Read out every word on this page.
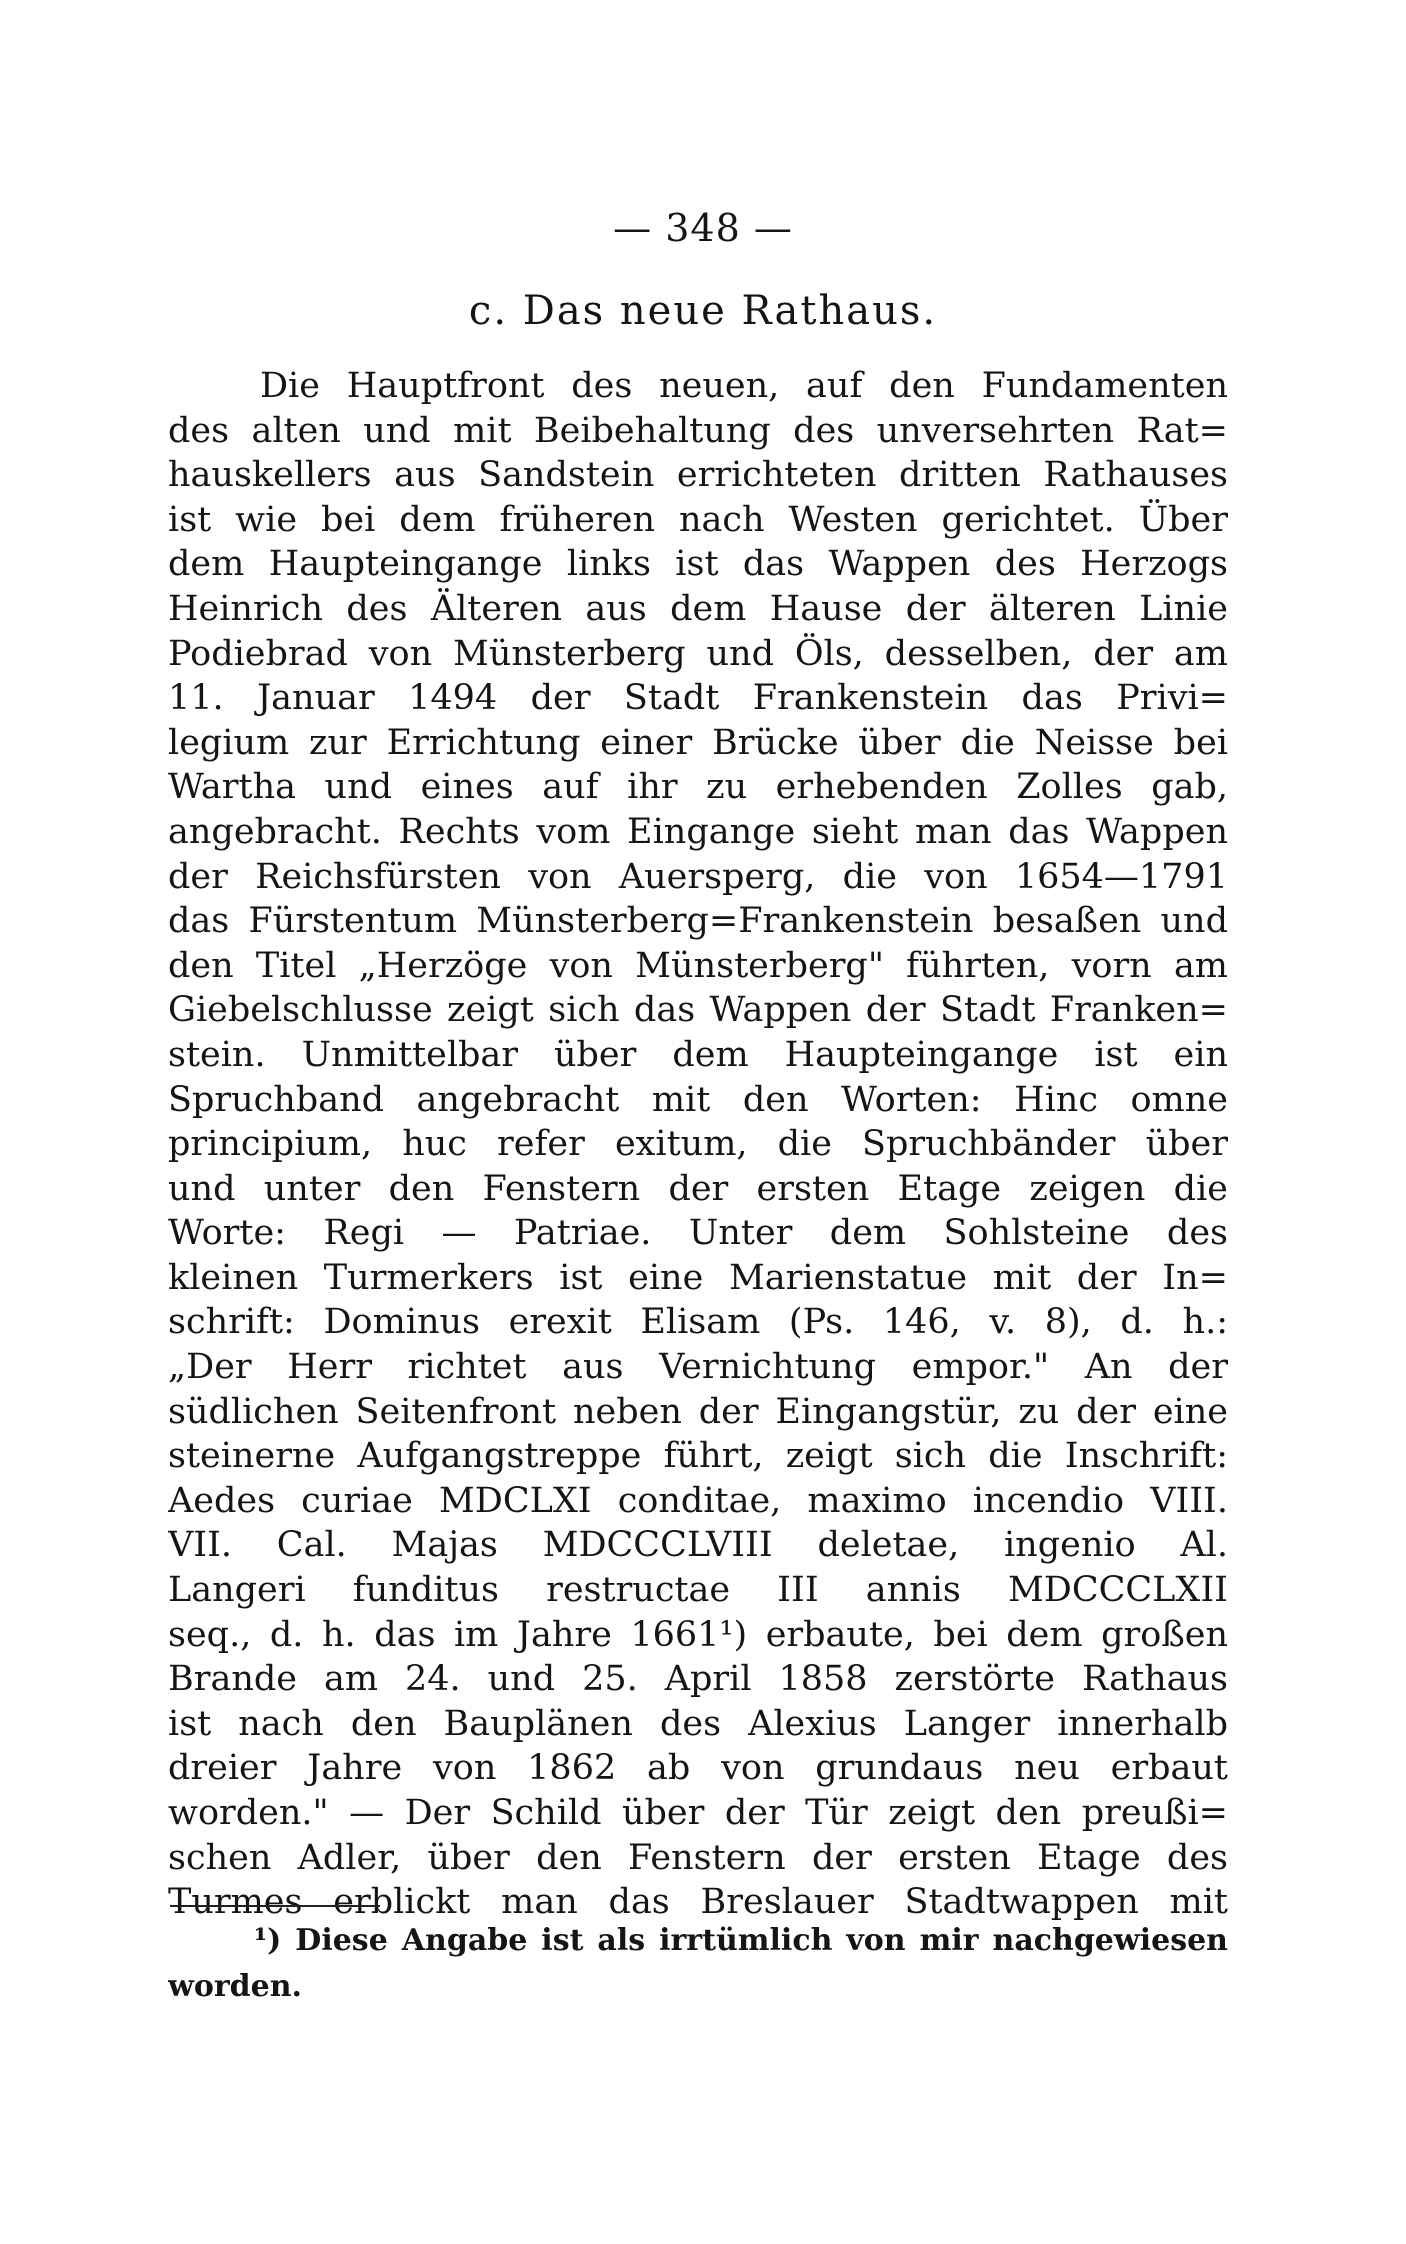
— 348 —
c. Das neue Rathaus.
Die Hauptfront des neuen, auf den Fundamenten
des alten und mit Beibehaltung des unversehrten Rat=
hauskellers aus Sandstein errichteten dritten Rathauses
ist wie bei dem früheren nach Westen gerichtet. Über
dem Haupteingange links ist das Wappen des Herzogs
Heinrich des Älteren aus dem Hause der älteren Linie
Podiebrad von Münsterberg und Öls, desselben, der am
11. Januar 1494 der Stadt Frankenstein das Privi=
legium zur Errichtung einer Brücke über die Neisse bei
Wartha und eines auf ihr zu erhebenden Zolles gab,
angebracht. Rechts vom Eingange sieht man das Wappen
der Reichsfürsten von Auersperg, die von 1654—1791
das Fürstentum Münsterberg=Frankenstein besaßen und
den Titel „Herzöge von Münsterberg" führten, vorn am
Giebelschlusse zeigt sich das Wappen der Stadt Franken=
stein. Unmittelbar über dem Haupteingange ist ein
Spruchband angebracht mit den Worten: Hinc omne
principium, huc refer exitum, die Spruchbänder über
und unter den Fenstern der ersten Etage zeigen die
Worte: Regi — Patriae. Unter dem Sohlsteine des
kleinen Turmerkers ist eine Marienstatue mit der In=
schrift: Dominus erexit Elisam (Ps. 146, v. 8), d. h.:
„Der Herr richtet aus Vernichtung empor." An der
südlichen Seitenfront neben der Eingangstür, zu der eine
steinerne Aufgangstreppe führt, zeigt sich die Inschrift:
Aedes curiae MDCLXI conditae, maximo incendio VIII.
VII. Cal. Majas MDCCCLVIII deletae, ingenio Al.
Langeri funditus restructae III annis MDCCCLXII
seq., d. h. das im Jahre 1661¹) erbaute, bei dem großen
Brande am 24. und 25. April 1858 zerstörte Rathaus
ist nach den Bauplänen des Alexius Langer innerhalb
dreier Jahre von 1862 ab von grundaus neu erbaut
worden." — Der Schild über der Tür zeigt den preußi=
schen Adler, über den Fenstern der ersten Etage des
Turmes erblickt man das Breslauer Stadtwappen mit
¹) Diese Angabe ist als irrtümlich von mir nachgewiesen
worden.
